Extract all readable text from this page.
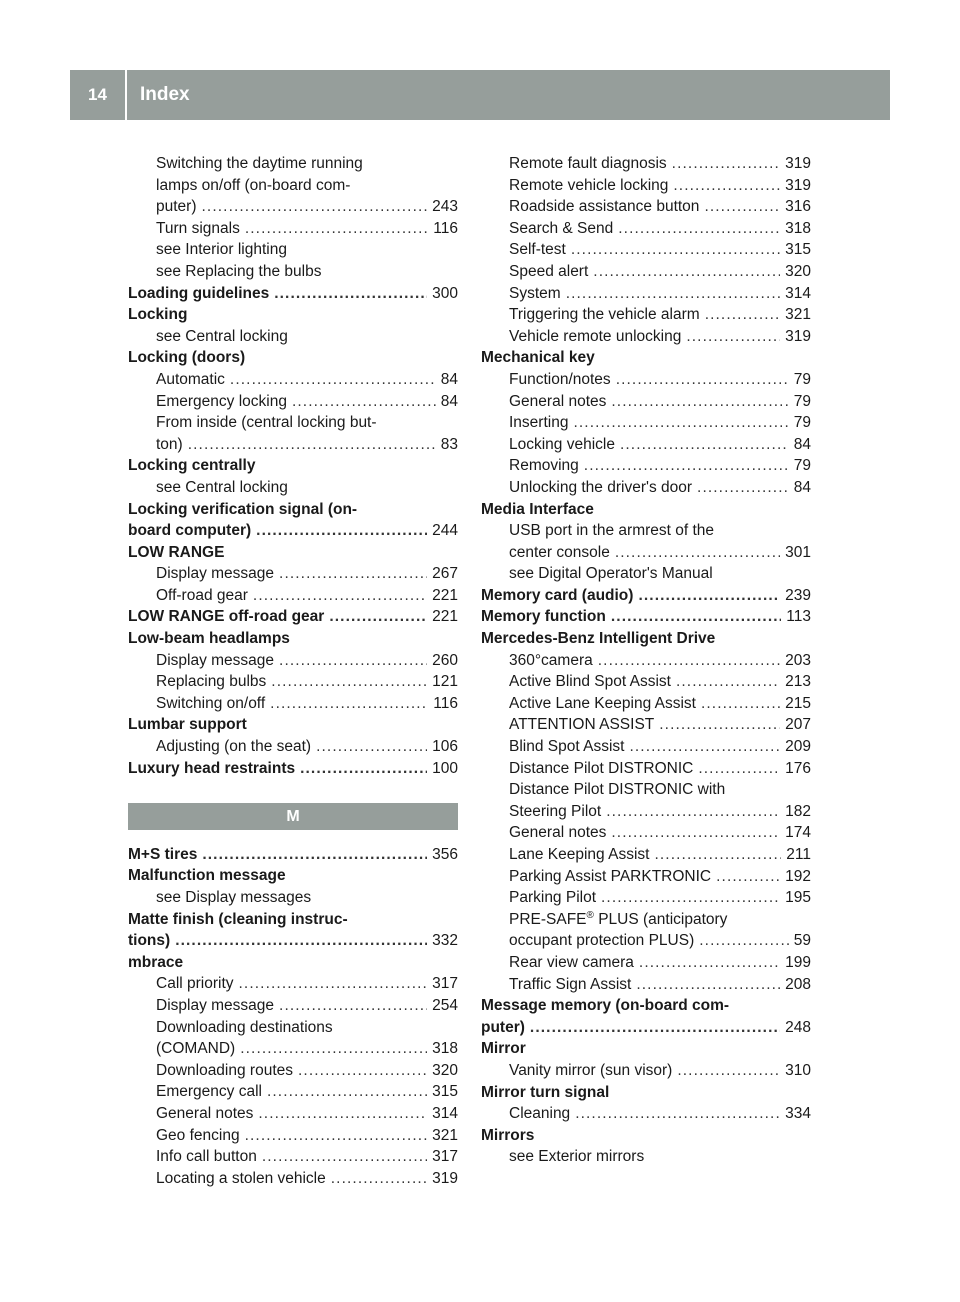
14	Index
Switching the daytime running
lamps on/off (on-board com-
puter) . . .	243
Turn signals . . .	116
see Interior lighting
see Replacing the bulbs
Loading guidelines . . .	300
Locking
see Central locking
Locking (doors)
Automatic . . .	84
Emergency locking . . .	84
From inside (central locking but-
ton) . . .	83
Locking centrally
see Central locking
Locking verification signal (on-
board computer) . . .	244
LOW RANGE
Display message . . .	267
Off-road gear . . .	221
LOW RANGE off-road gear . . .	221
Low-beam headlamps
Display message . . .	260
Replacing bulbs . . .	121
Switching on/off . . .	116
Lumbar support
Adjusting (on the seat) . . .	106
Luxury head restraints . . .	100
M
M+S tires . . .	356
Malfunction message
see Display messages
Matte finish (cleaning instruc-
tions) . . .	332
mbrace
Call priority . . .	317
Display message . . .	254
Downloading destinations
(COMAND) . . .	318
Downloading routes . . .	320
Emergency call . . .	315
General notes . . .	314
Geo fencing . . .	321
Info call button . . .	317
Locating a stolen vehicle . . .	319
Remote fault diagnosis . . .	319
Remote vehicle locking . . .	319
Roadside assistance button . . .	316
Search & Send . . .	318
Self-test . . .	315
Speed alert . . .	320
System . . .	314
Triggering the vehicle alarm . . .	321
Vehicle remote unlocking . . .	319
Mechanical key
Function/notes . . .	79
General notes . . .	79
Inserting . . .	79
Locking vehicle . . .	84
Removing . . .	79
Unlocking the driver's door . . .	84
Media Interface
USB port in the armrest of the
center console . . .	301
see Digital Operator's Manual
Memory card (audio) . . .	239
Memory function . . .	113
Mercedes-Benz Intelligent Drive
360°camera . . .	203
Active Blind Spot Assist . . .	213
Active Lane Keeping Assist . . .	215
ATTENTION ASSIST . . .	207
Blind Spot Assist . . .	209
Distance Pilot DISTRONIC . . .	176
Distance Pilot DISTRONIC with
Steering Pilot . . .	182
General notes . . .	174
Lane Keeping Assist . . .	211
Parking Assist PARKTRONIC . . .	192
Parking Pilot . . .	195
PRE-SAFE® PLUS (anticipatory
occupant protection PLUS) . . .	59
Rear view camera . . .	199
Traffic Sign Assist . . .	208
Message memory (on-board com-
puter) . . .	248
Mirror
Vanity mirror (sun visor) . . .	310
Mirror turn signal
Cleaning . . .	334
Mirrors
see Exterior mirrors
